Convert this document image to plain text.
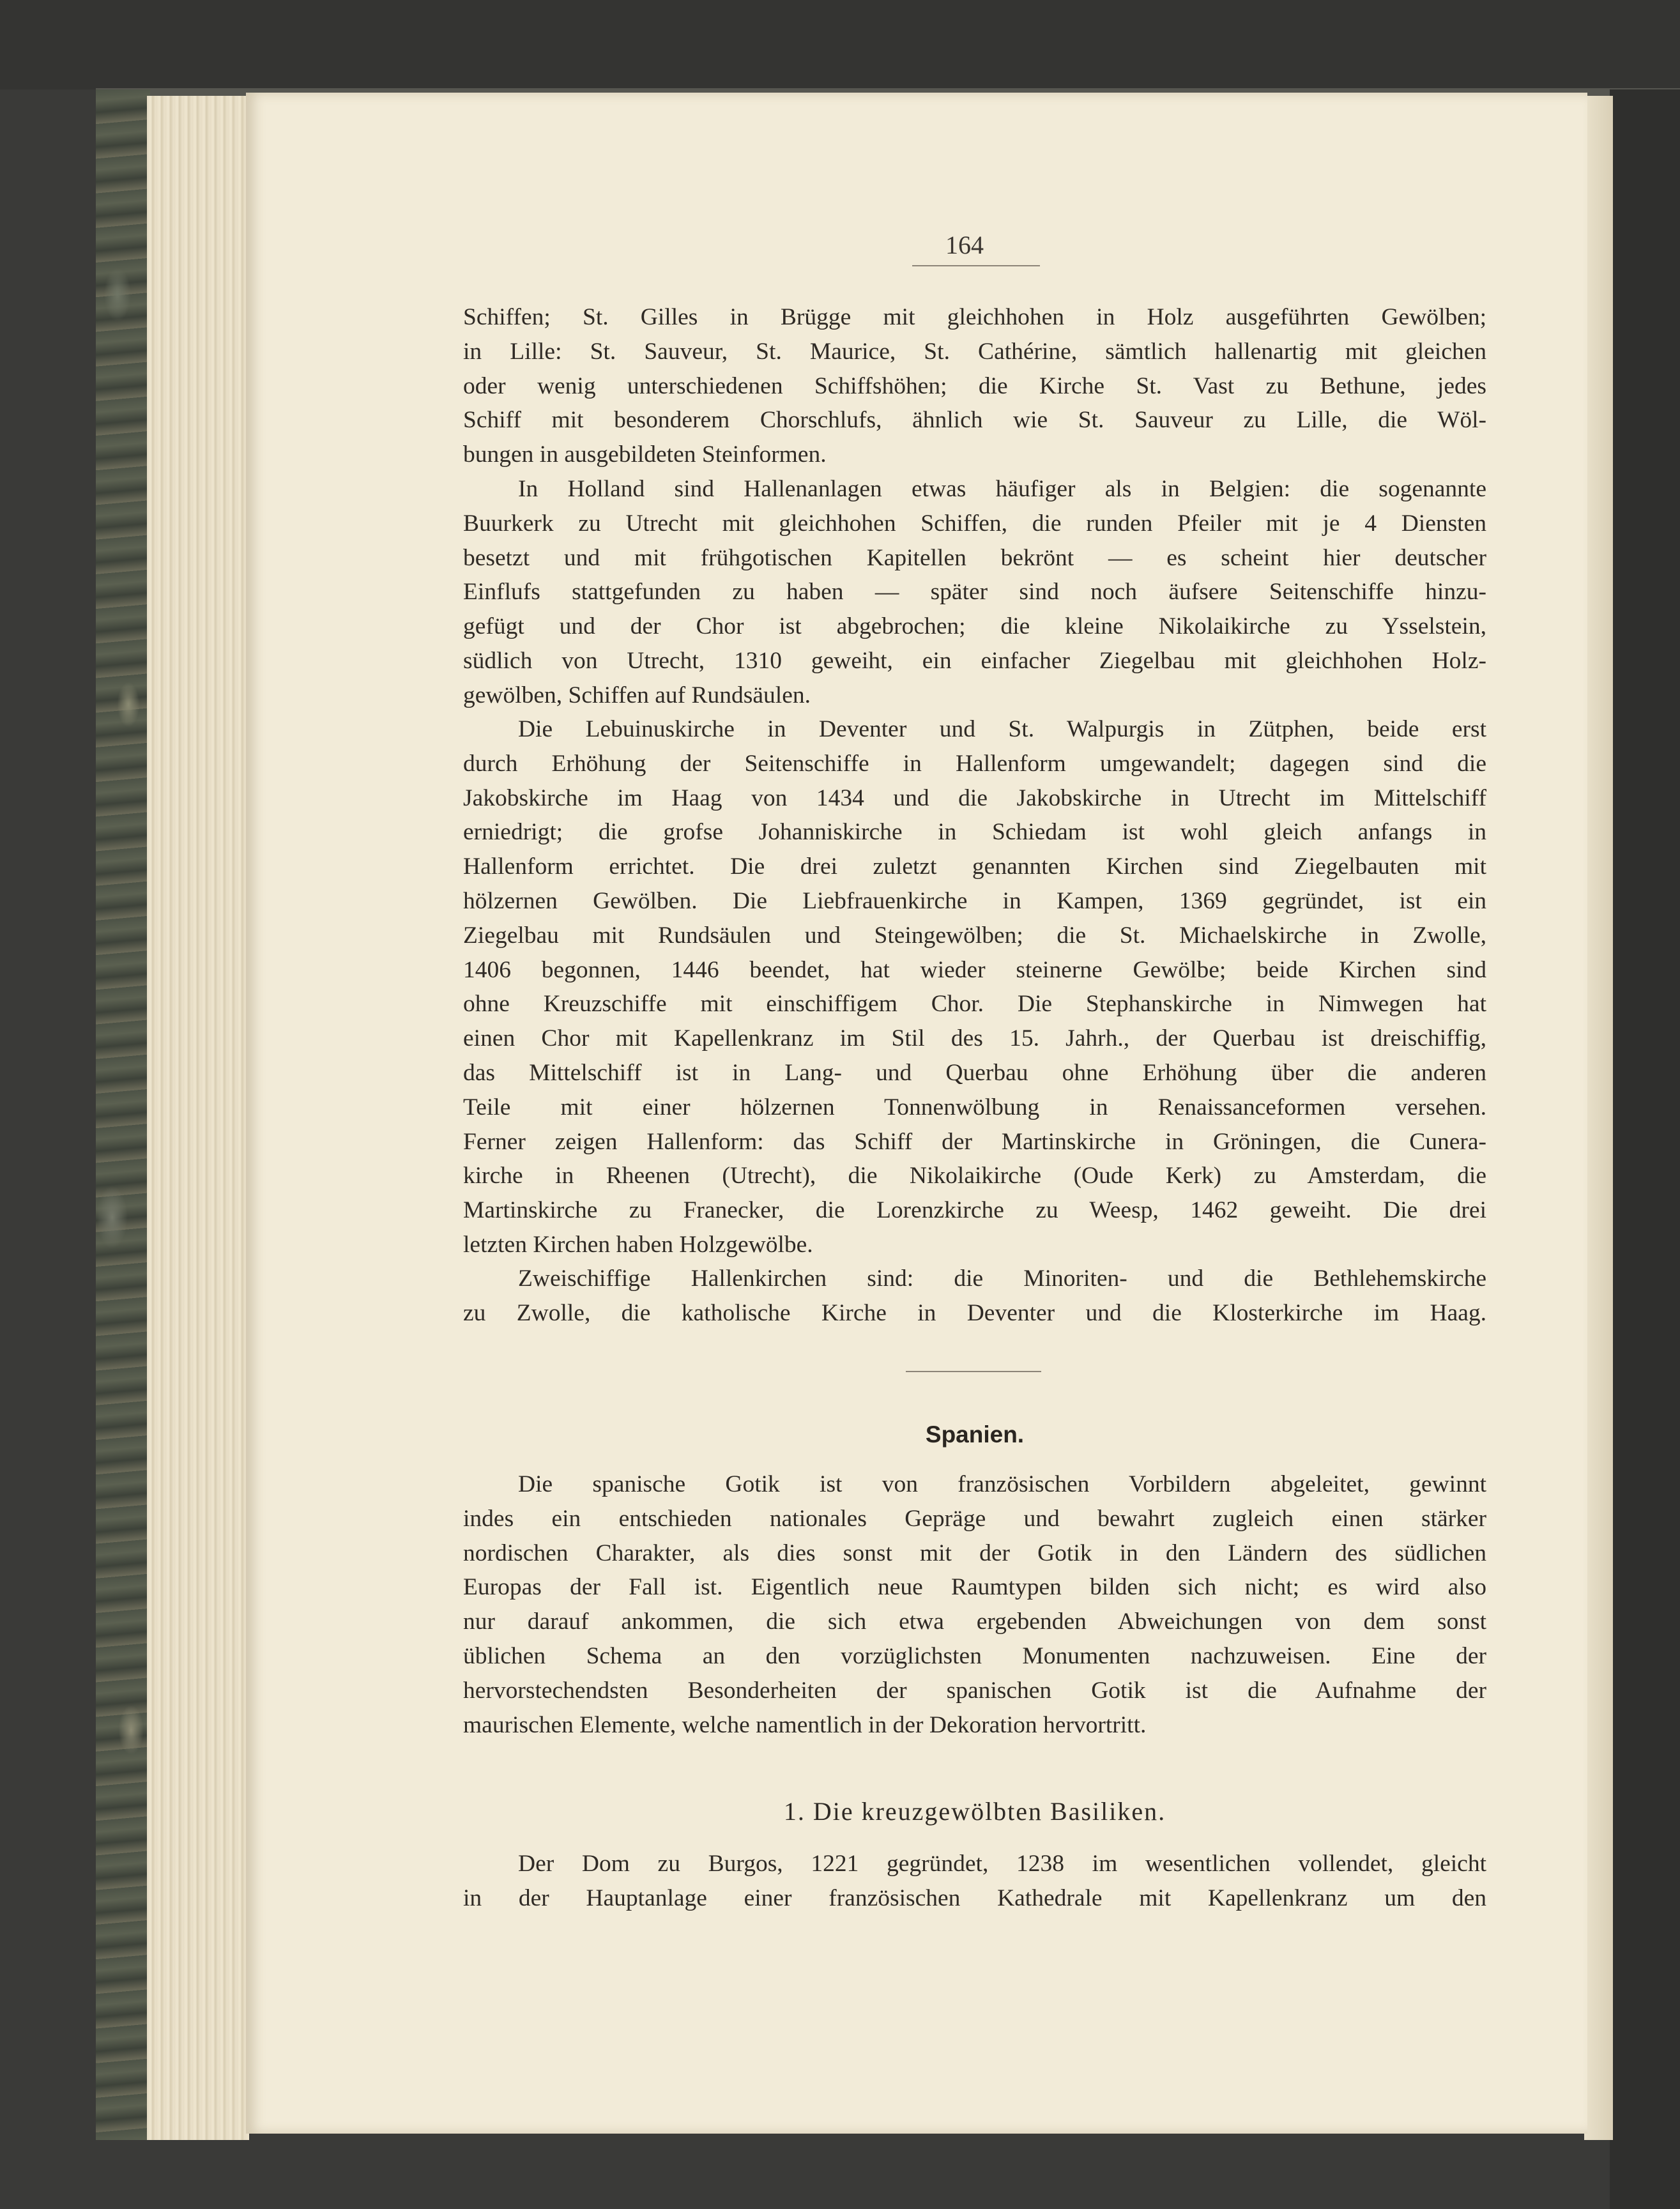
164
Schiffen; St. Gilles in Brügge mit gleichhohen in Holz ausgeführten Gewölben;
in Lille: St. Sauveur, St. Maurice, St. Cathérine, sämtlich hallenartig mit gleichen
oder wenig unterschiedenen Schiffshöhen; die Kirche St. Vast zu Bethune, jedes
Schiff mit besonderem Chorschlufs, ähnlich wie St. Sauveur zu Lille, die Wöl-
bungen in ausgebildeten Steinformen.
In Holland sind Hallenanlagen etwas häufiger als in Belgien: die sogenannte
Buurkerk zu Utrecht mit gleichhohen Schiffen, die runden Pfeiler mit je 4 Diensten
besetzt und mit frühgotischen Kapitellen bekrönt — es scheint hier deutscher
Einflufs stattgefunden zu haben — später sind noch äufsere Seitenschiffe hinzu-
gefügt und der Chor ist abgebrochen; die kleine Nikolaikirche zu Ysselstein,
südlich von Utrecht, 1310 geweiht, ein einfacher Ziegelbau mit gleichhohen Holz-
gewölben, Schiffen auf Rundsäulen.
Die Lebuinuskirche in Deventer und St. Walpurgis in Zütphen, beide erst
durch Erhöhung der Seitenschiffe in Hallenform umgewandelt; dagegen sind die
Jakobskirche im Haag von 1434 und die Jakobskirche in Utrecht im Mittelschiff
erniedrigt; die grofse Johanniskirche in Schiedam ist wohl gleich anfangs in
Hallenform errichtet. Die drei zuletzt genannten Kirchen sind Ziegelbauten mit
hölzernen Gewölben. Die Liebfrauenkirche in Kampen, 1369 gegründet, ist ein
Ziegelbau mit Rundsäulen und Steingewölben; die St. Michaelskirche in Zwolle,
1406 begonnen, 1446 beendet, hat wieder steinerne Gewölbe; beide Kirchen sind
ohne Kreuzschiffe mit einschiffigem Chor. Die Stephanskirche in Nimwegen hat
einen Chor mit Kapellenkranz im Stil des 15. Jahrh., der Querbau ist dreischiffig,
das Mittelschiff ist in Lang- und Querbau ohne Erhöhung über die anderen
Teile mit einer hölzernen Tonnenwölbung in Renaissanceformen versehen.
Ferner zeigen Hallenform: das Schiff der Martinskirche in Gröningen, die Cunera-
kirche in Rheenen (Utrecht), die Nikolaikirche (Oude Kerk) zu Amsterdam, die
Martinskirche zu Franecker, die Lorenzkirche zu Weesp, 1462 geweiht. Die drei
letzten Kirchen haben Holzgewölbe.
Zweischiffige Hallenkirchen sind: die Minoriten- und die Bethlehemskirche
zu Zwolle, die katholische Kirche in Deventer und die Klosterkirche im Haag.
Spanien.
Die spanische Gotik ist von französischen Vorbildern abgeleitet, gewinnt
indes ein entschieden nationales Gepräge und bewahrt zugleich einen stärker
nordischen Charakter, als dies sonst mit der Gotik in den Ländern des südlichen
Europas der Fall ist. Eigentlich neue Raumtypen bilden sich nicht; es wird also
nur darauf ankommen, die sich etwa ergebenden Abweichungen von dem sonst
üblichen Schema an den vorzüglichsten Monumenten nachzuweisen. Eine der
hervorstechendsten Besonderheiten der spanischen Gotik ist die Aufnahme der
maurischen Elemente, welche namentlich in der Dekoration hervortritt.
1. Die kreuzgewölbten Basiliken.
Der Dom zu Burgos, 1221 gegründet, 1238 im wesentlichen vollendet, gleicht
in der Hauptanlage einer französischen Kathedrale mit Kapellenkranz um den
